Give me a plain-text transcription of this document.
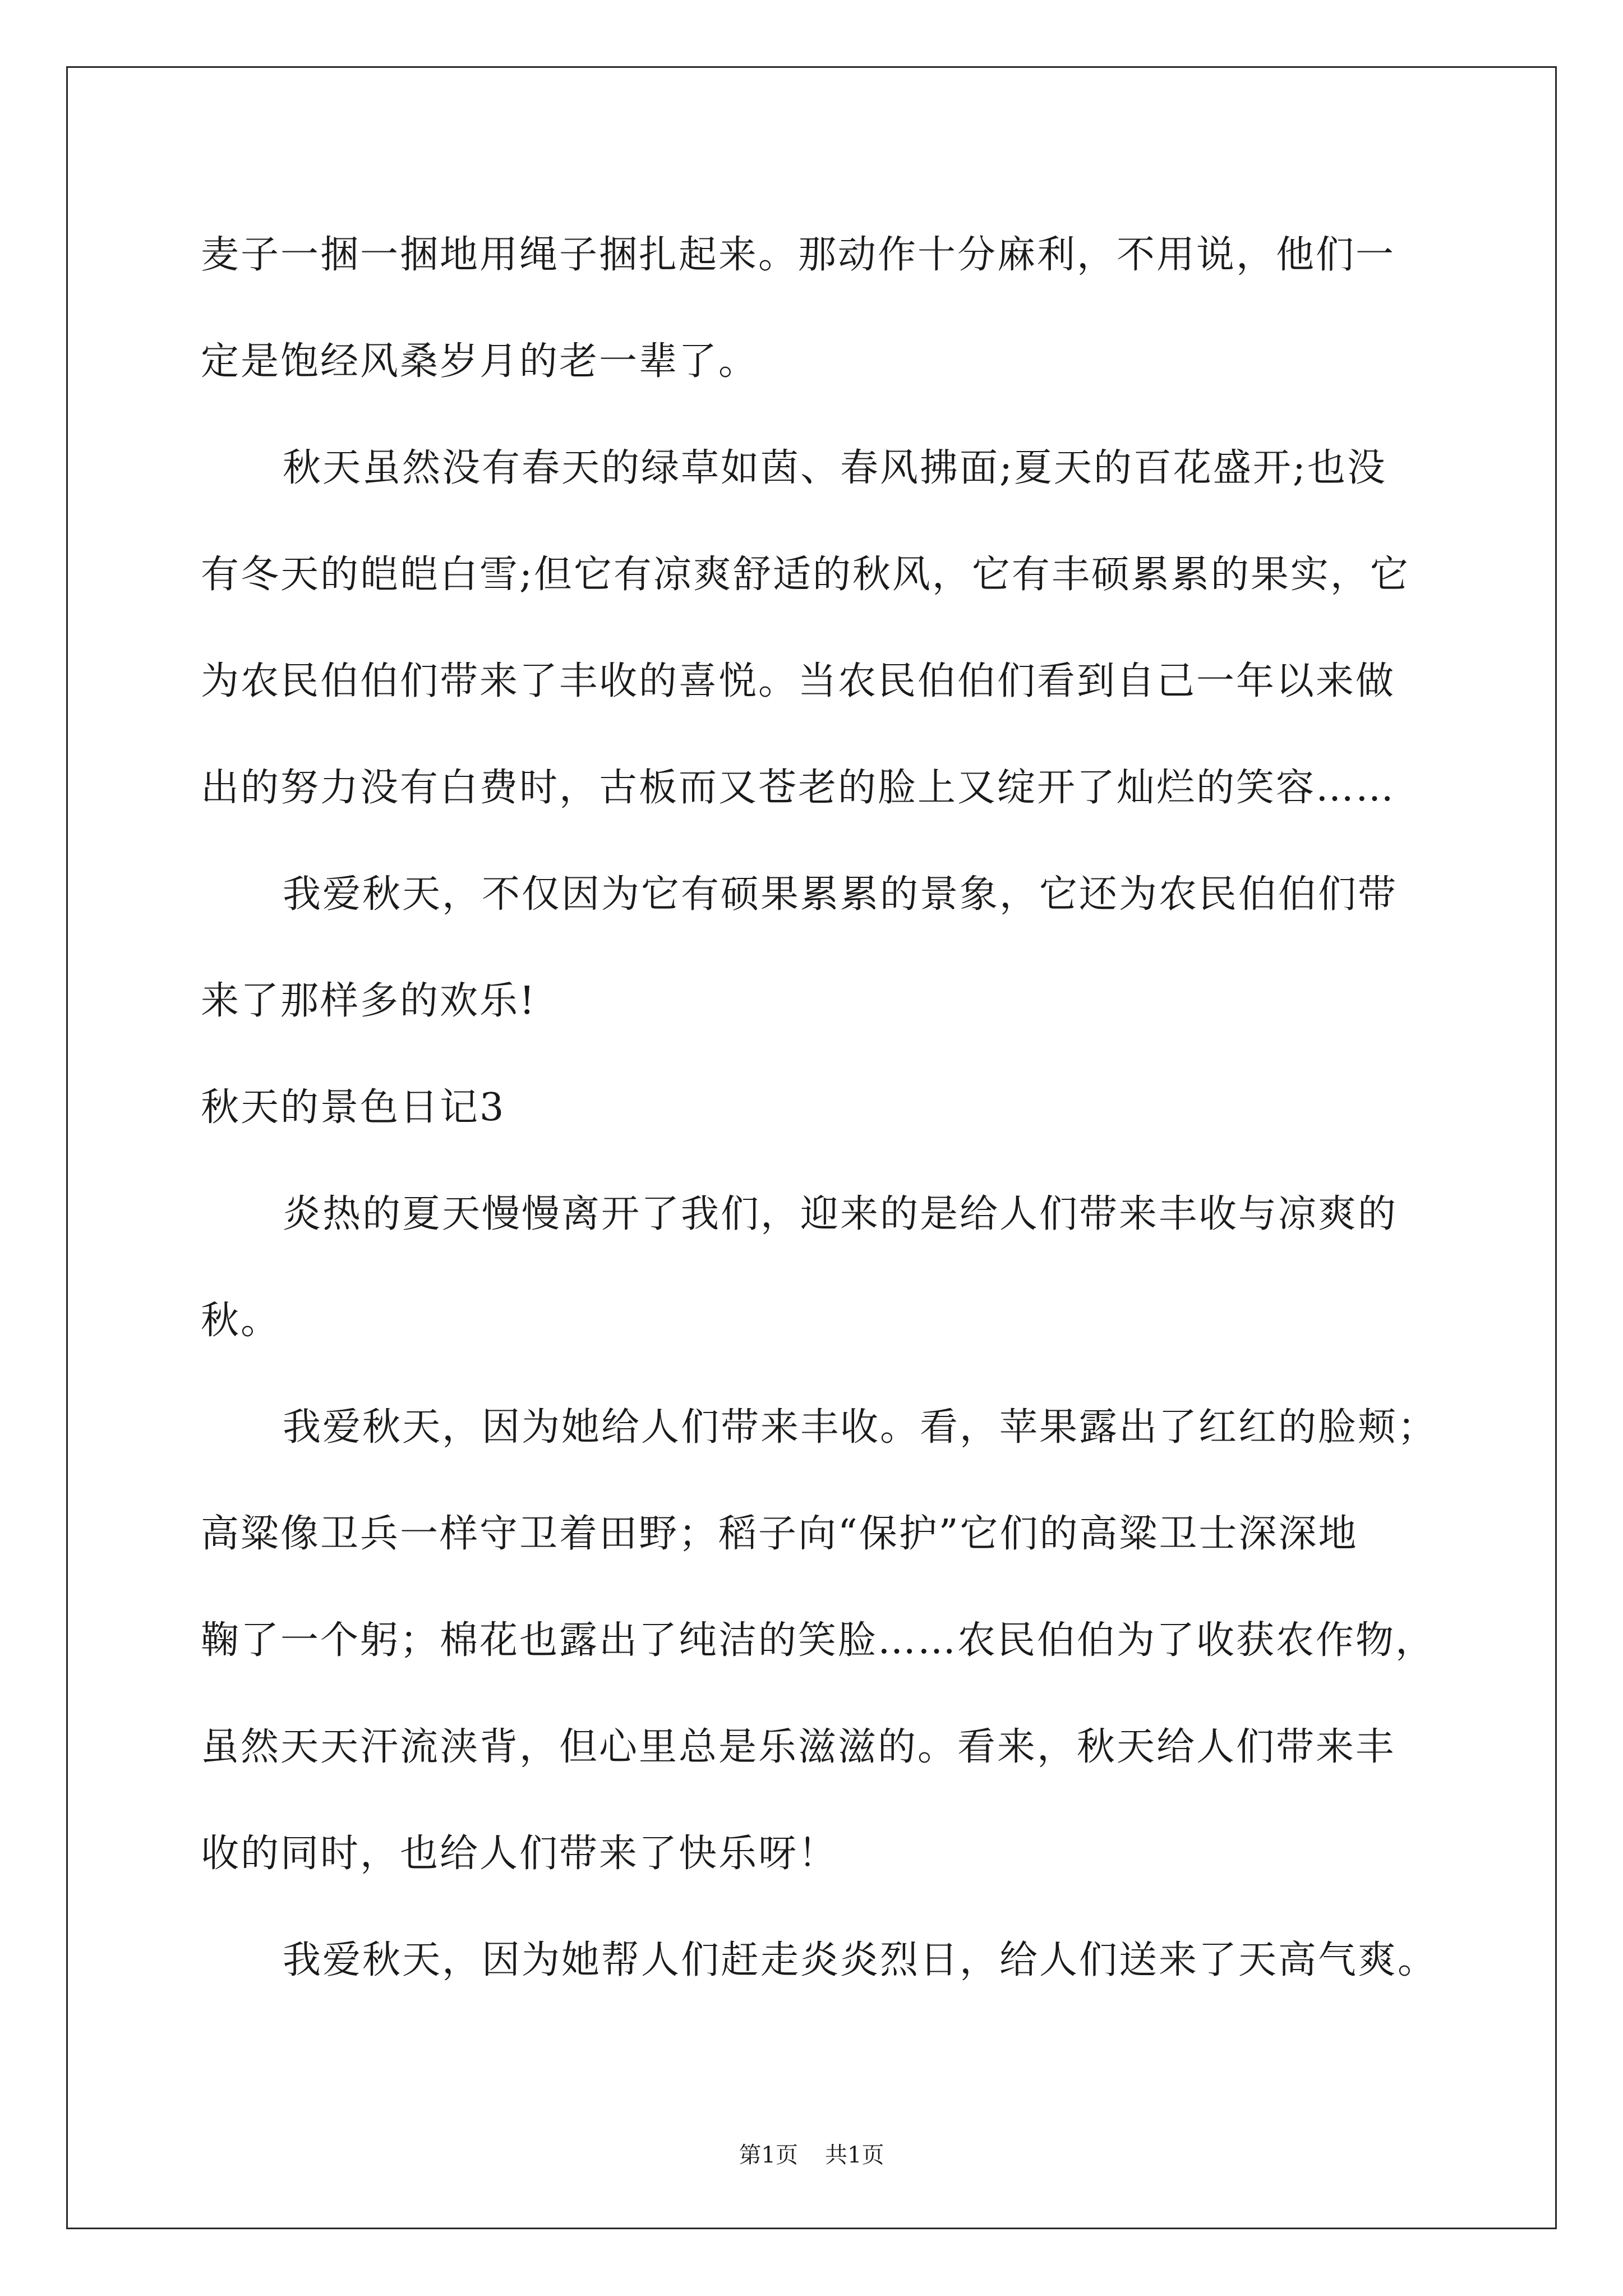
麦子一捆一捆地用绳子捆扎起来。那动作十分麻利，不用说，他们一
定是饱经风桑岁月的老一辈了。
秋天虽然没有春天的绿草如茵、春风拂面;夏天的百花盛开;也没
有冬天的皑皑白雪;但它有凉爽舒适的秋风，它有丰硕累累的果实，它
为农民伯伯们带来了丰收的喜悦。当农民伯伯们看到自己一年以来做
出的努力没有白费时，古板而又苍老的脸上又绽开了灿烂的笑容……
我爱秋天，不仅因为它有硕果累累的景象，它还为农民伯伯们带
来了那样多的欢乐!
秋天的景色日记3
炎热的夏天慢慢离开了我们，迎来的是给人们带来丰收与凉爽的
秋。
我爱秋天，因为她给人们带来丰收。看，苹果露出了红红的脸颊；
高粱像卫兵一样守卫着田野；稻子向“保护”它们的高粱卫士深深地
鞠了一个躬；棉花也露出了纯洁的笑脸……农民伯伯为了收获农作物，
虽然天天汗流浃背，但心里总是乐滋滋的。看来，秋天给人们带来丰
收的同时，也给人们带来了快乐呀！
我爱秋天，因为她帮人们赶走炎炎烈日，给人们送来了天高气爽。
第1页 共1页
